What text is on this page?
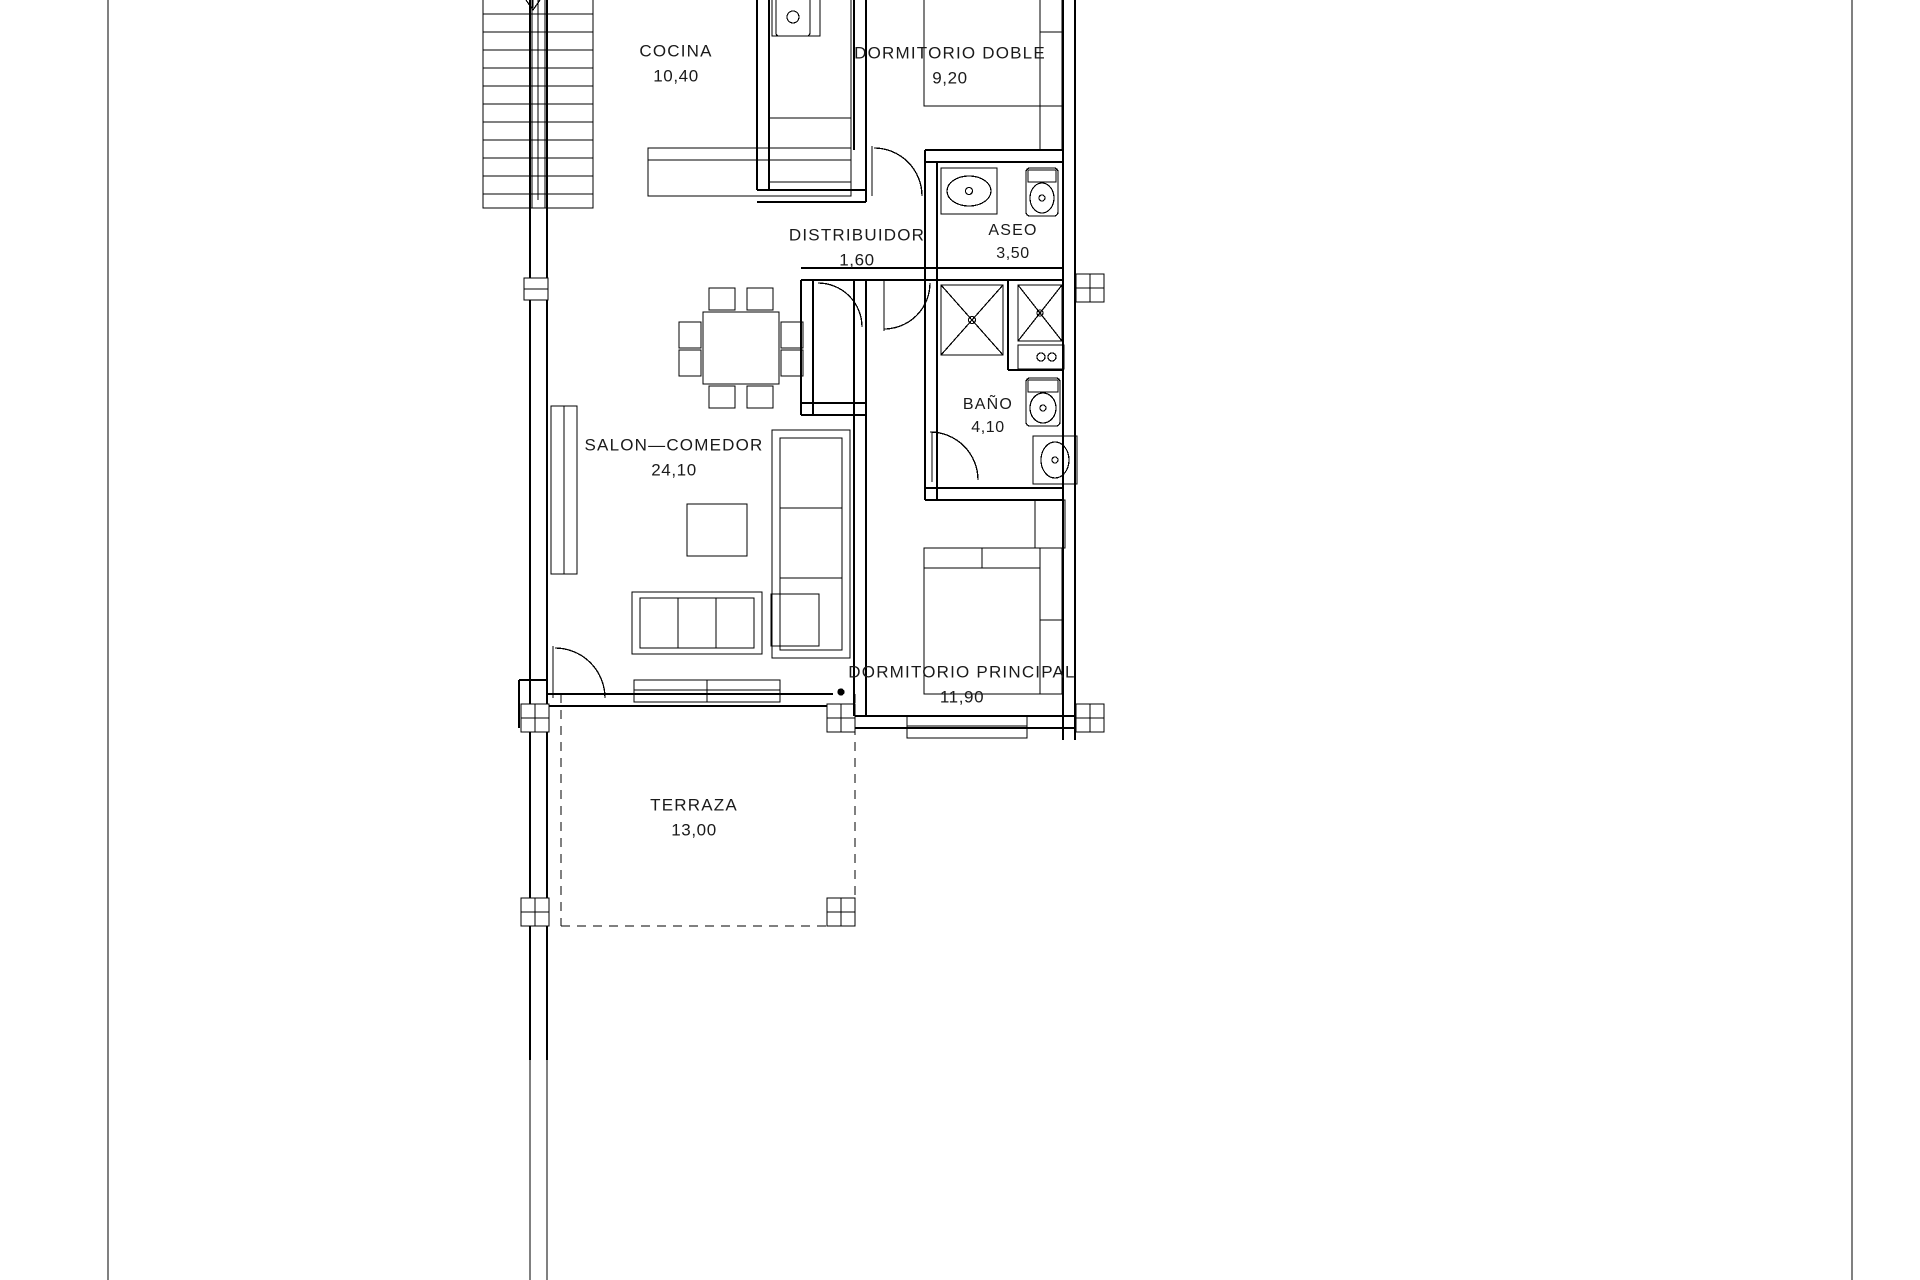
COCINA
10,40
DORMITORIO DOBLE
9,20
ASEO
3,50
DISTRIBUIDOR
1,60
BAÑO
4,10
SALON—COMEDOR
24,10
DORMITORIO PRINCIPAL
11,90
TERRAZA
13,00
